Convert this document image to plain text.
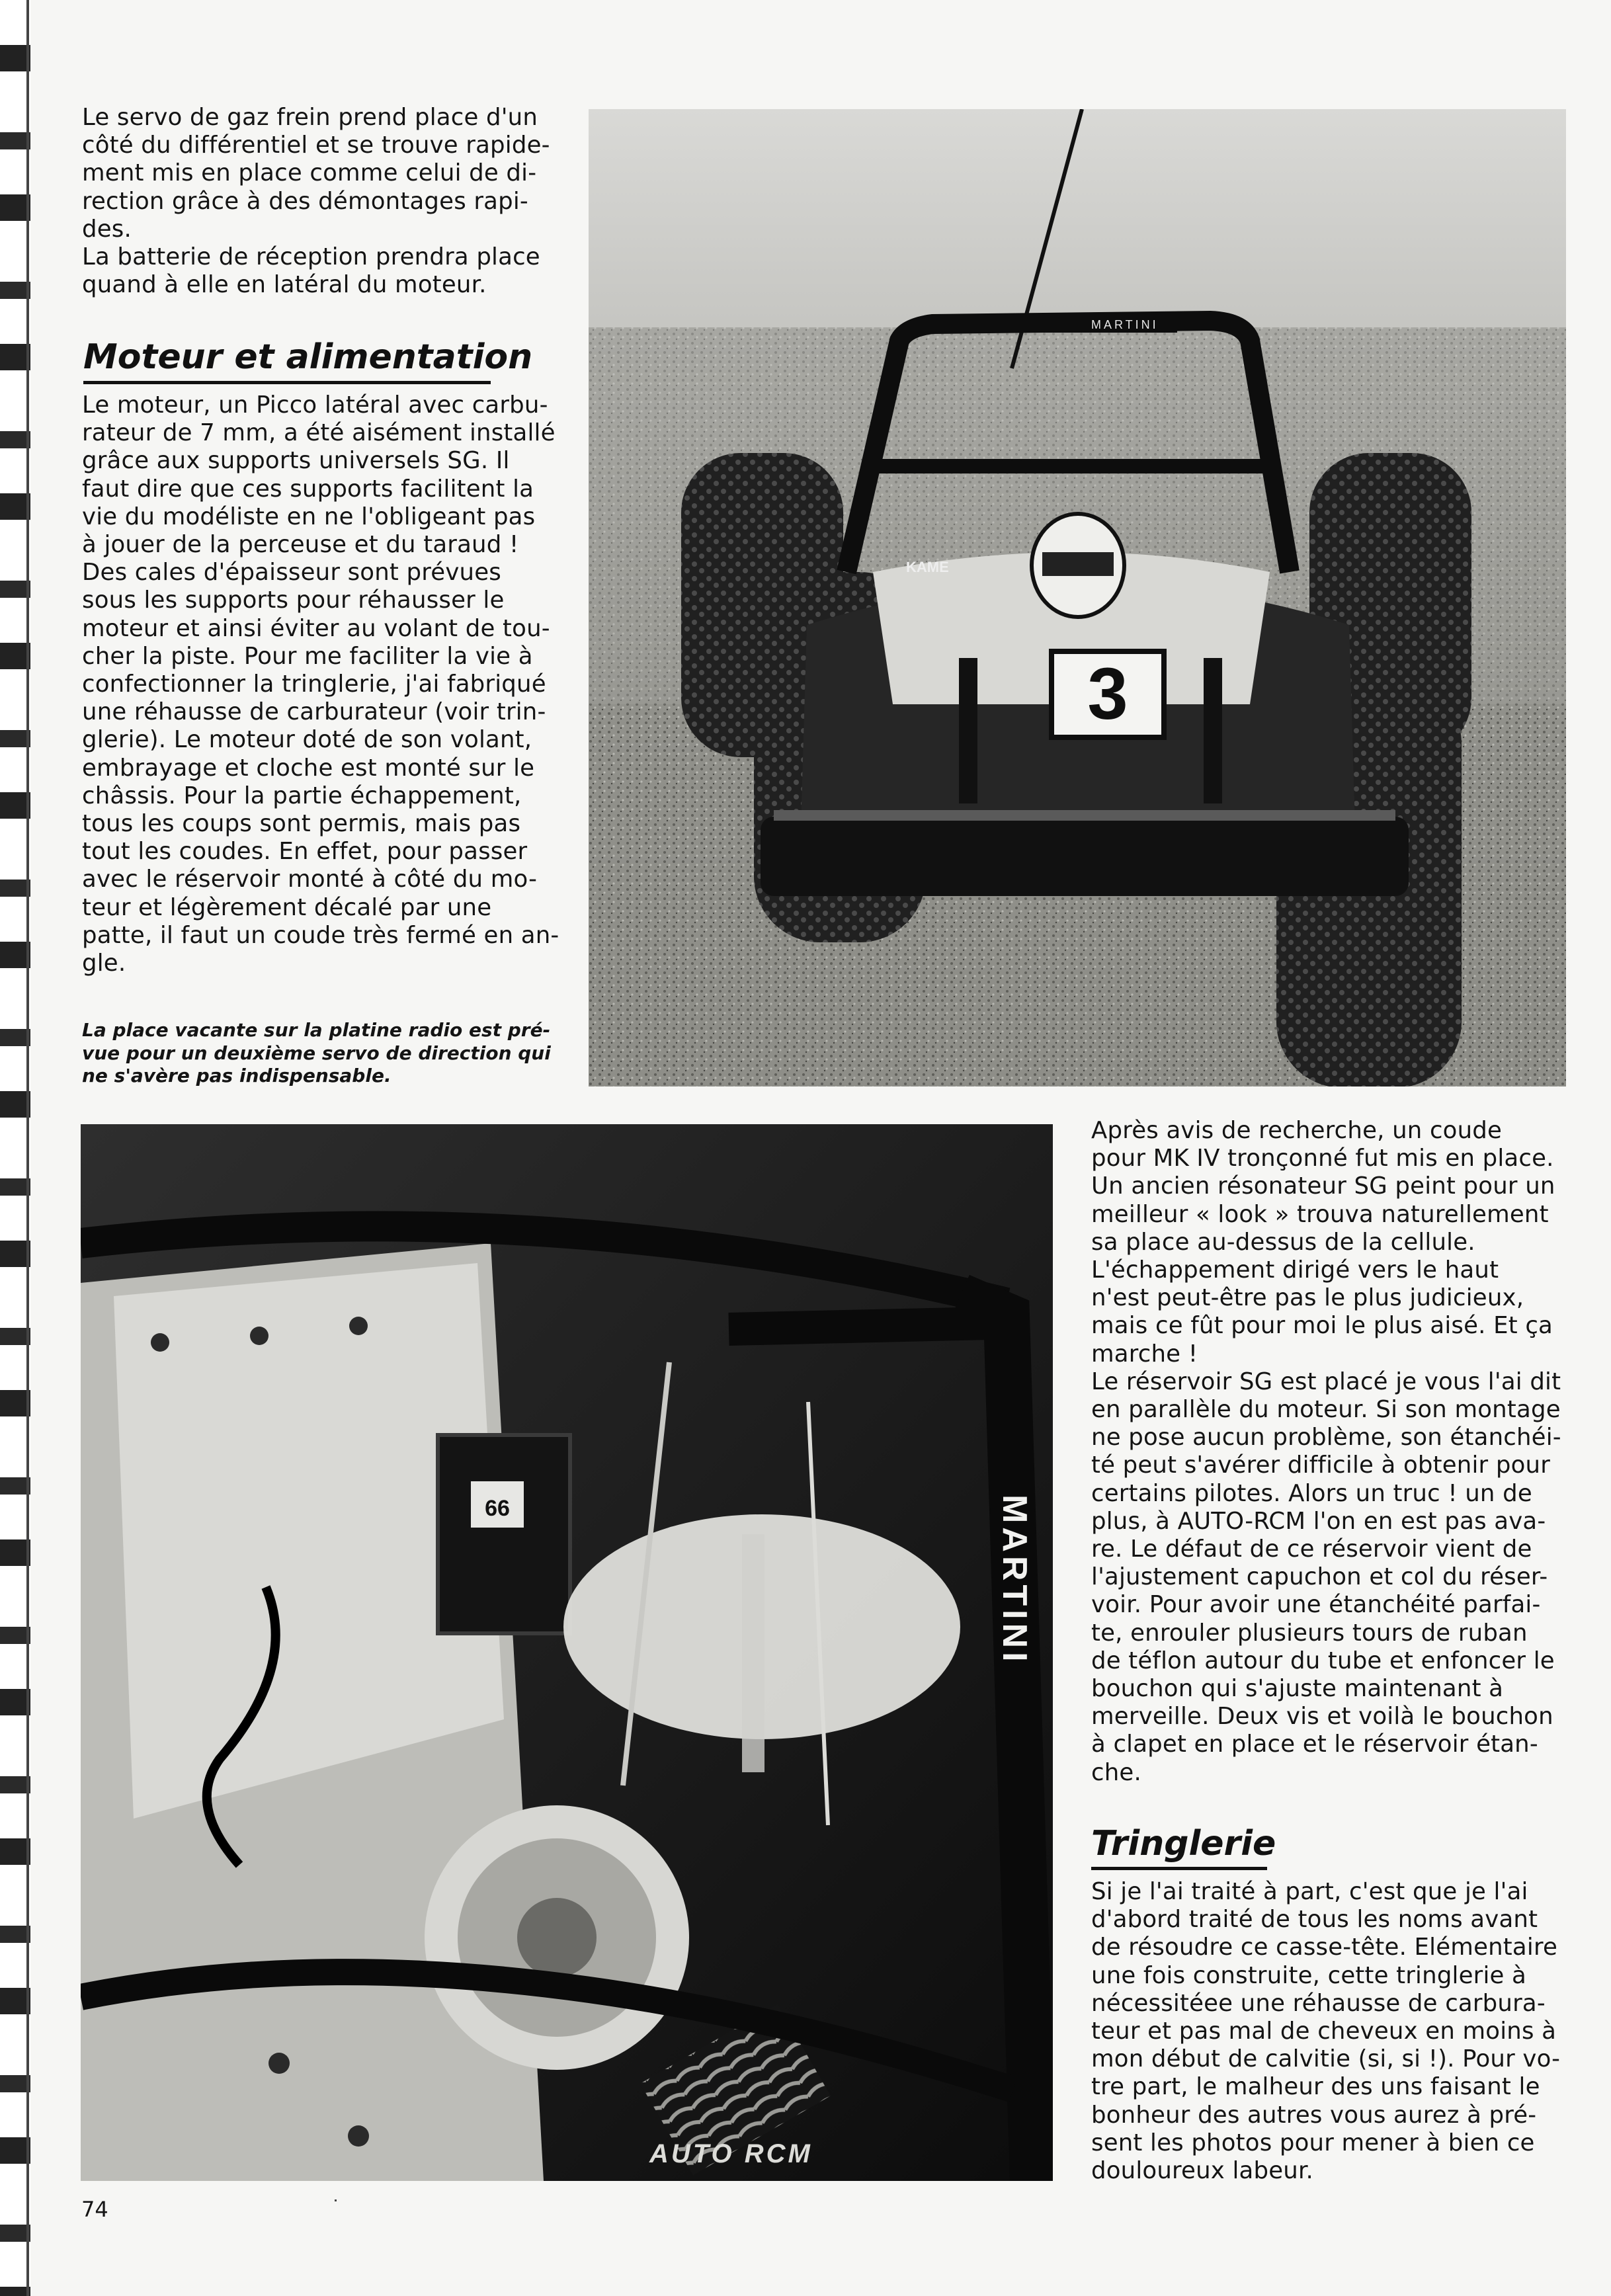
Le servo de gaz frein prend place d'un

côté du différentiel et se trouve rapide-

ment mis en place comme celui de di-

rection grâce à des démontages rapi-

des.

La batterie de réception prendra place

quand à elle en latéral du moteur.

Moteur et alimentation

Le moteur, un Picco latéral avec carbu-

rateur de 7 mm, a été aisément installé

grâce aux supports universels SG. Il

faut dire que ces supports facilitent la

vie du modéliste en ne l'obligeant pas

à jouer de la perceuse et du taraud !

Des cales d'épaisseur sont prévues

sous les supports pour réhausser le

moteur et ainsi éviter au volant de tou-

cher la piste. Pour me faciliter la vie à

confectionner la tringlerie, j'ai fabriqué

une réhausse de carburateur (voir trin-

glerie). Le moteur doté de son volant,

embrayage et cloche est monté sur le

châssis. Pour la partie échappement,

tous les coups sont permis, mais pas

tout les coudes. En effet, pour passer

avec le réservoir monté à côté du mo-

teur et légèrement décalé par une

patte, il faut un coude très fermé en an-

gle.

La place vacante sur la platine radio est pré-

vue pour un deuxième servo de direction qui

ne s'avère pas indispensable.

MARTINI
KAME
3
66	MARTINI
AUTO RCM

Après avis de recherche, un coude

pour MK IV tronçonné fut mis en place.

Un ancien résonateur SG peint pour un

meilleur « look » trouva naturellement

sa place au-dessus de la cellule.

L'échappement dirigé vers le haut

n'est peut-être pas le plus judicieux,

mais ce fût pour moi le plus aisé. Et ça

marche !

Le réservoir SG est placé je vous l'ai dit

en parallèle du moteur. Si son montage

ne pose aucun problème, son étanchéi-

té peut s'avérer difficile à obtenir pour

certains pilotes. Alors un truc ! un de

plus, à AUTO-RCM l'on en est pas ava-

re. Le défaut de ce réservoir vient de

l'ajustement capuchon et col du réser-

voir. Pour avoir une étanchéité parfai-

te, enrouler plusieurs tours de ruban

de téflon autour du tube et enfoncer le

bouchon qui s'ajuste maintenant à

merveille. Deux vis et voilà le bouchon

à clapet en place et le réservoir étan-

che.

Tringlerie

Si je l'ai traité à part, c'est que je l'ai

d'abord traité de tous les noms avant

de résoudre ce casse-tête. Elémentaire

une fois construite, cette tringlerie à

nécessitéee une réhausse de carbura-

teur et pas mal de cheveux en moins à

mon début de calvitie (si, si !). Pour vo-

tre part, le malheur des uns faisant le

bonheur des autres vous aurez à pré-

sent les photos pour mener à bien ce

douloureux labeur.

74
